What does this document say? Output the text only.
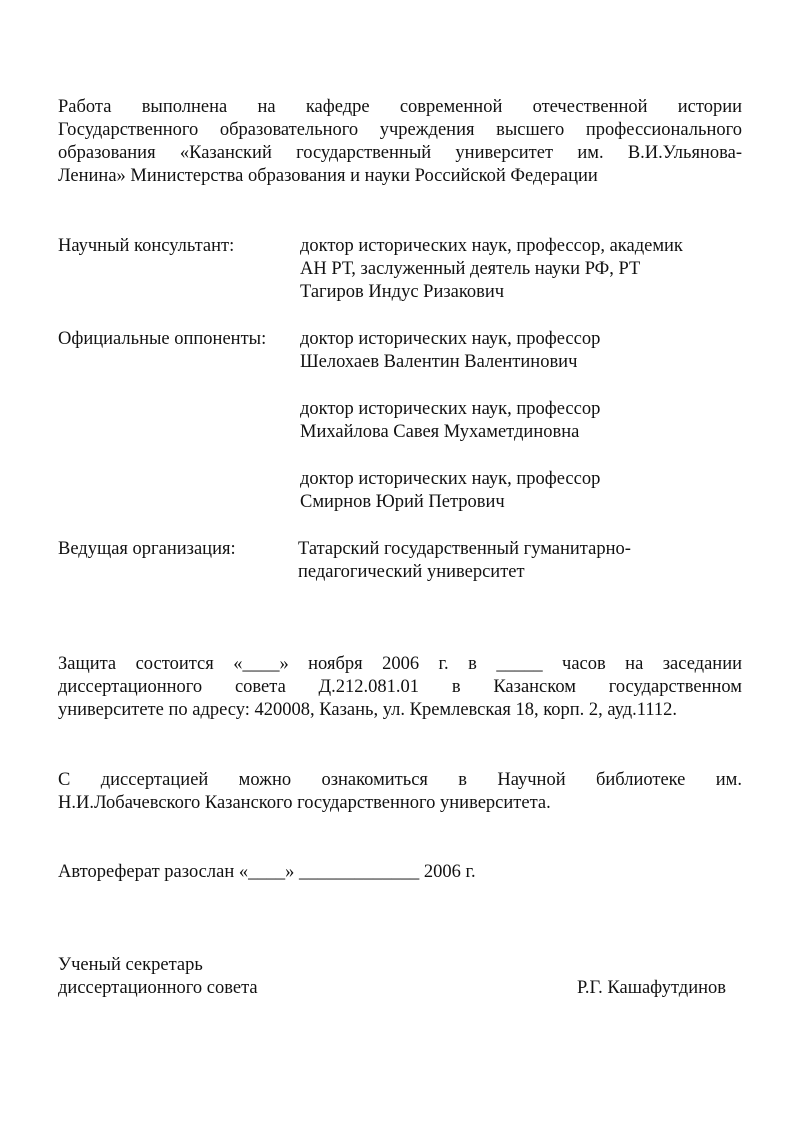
Работа выполнена на кафедре современной отечественной истории
Государственного образовательного учреждения высшего профессионального
образования «Казанский государственный университет им. В.И.Ульянова-
Ленина» Министерства образования и науки Российской Федерации
Научный консультант:	доктор исторических наук, профессор, академик
АН РТ, заслуженный деятель науки РФ, РТ
Тагиров Индус Ризакович
Официальные оппоненты: доктор исторических наук, профессор
Шелохаев Валентин Валентинович
доктор исторических наук, профессор
Михайлова Савея Мухаметдиновна
доктор исторических наук, профессор
Смирнов Юрий Петрович
Ведущая организация:	Татарский государственный гуманитарно-
педагогический университет
Защита состоится «____» ноября 2006 г. в _____ часов на заседании
диссертационного совета Д.212.081.01 в Казанском государственном
университете по адресу: 420008, Казань, ул. Кремлевская 18, корп. 2, ауд.1112.
С диссертацией можно ознакомиться в Научной библиотеке им.
Н.И.Лобачевского Казанского государственного университета.
Автореферат разослан «____» _____________ 2006 г.
Ученый секретарь
диссертационного совета	Р.Г. Кашафутдинов
